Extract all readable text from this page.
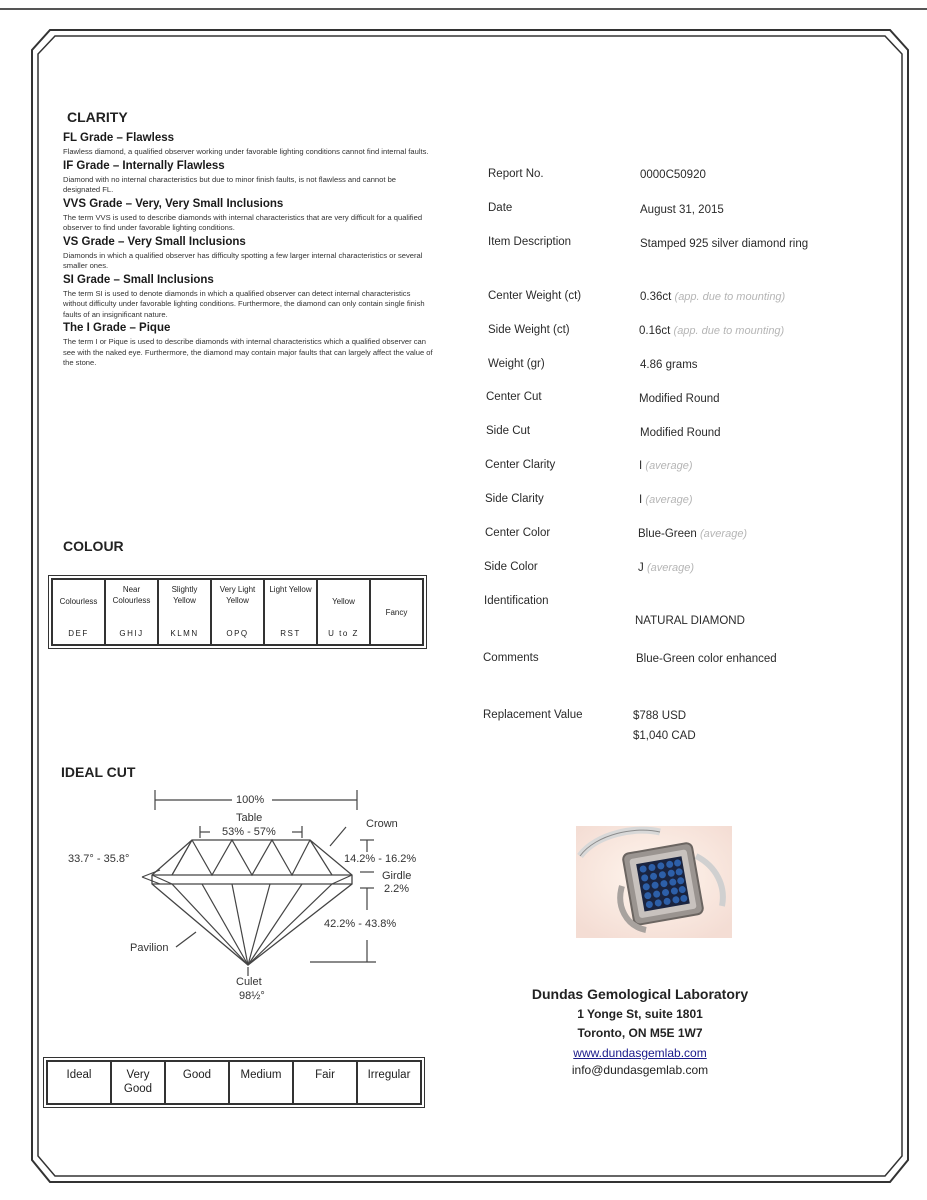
CLARITY
FL Grade – Flawless
Flawless diamond, a qualified observer working under favorable lighting conditions cannot find internal faults.
IF Grade – Internally Flawless
Diamond with no internal characteristics but due to minor finish faults, is not flawless and cannot be designated FL.
VVS Grade – Very, Very Small Inclusions
The term VVS is used to describe diamonds with internal characteristics that are very difficult for a qualified observer to find under favorable lighting conditions.
VS Grade – Very Small Inclusions
Diamonds in which a qualified observer has difficulty spotting a few larger internal characteristics or several smaller ones.
SI Grade – Small Inclusions
The term SI is used to denote diamonds in which a qualified observer can detect internal characteristics without difficulty under favorable lighting conditions. Furthermore, the diamond can only contain single finish faults of an insignificant nature.
The I Grade – Pique
The term I or Pique is used to describe diamonds with internal characteristics which a qualified observer can see with the naked eye. Furthermore, the diamond may contain major faults that can largely affect the value of the stone.
COLOUR
Colourless
DEF

Near Colourless
GHIJ

Slightly Yellow
KLMN

Very Light Yellow
OPQ

Light Yellow
RST

Yellow
U to Z

Fancy
IDEAL CUT
100%
Table
53% - 57%
Crown
33.7° - 35.8°	14.2% - 16.2%
Girdle
2.2%
42.2% - 43.8%
Pavilion
Culet
98½°
Ideal	Very Good	Good	Medium	Fair	Irregular
Report No.	0000C50920
Date	August 31, 2015
Item Description	Stamped 925 silver diamond ring
Center Weight (ct)	0.36ct (app. due to mounting)
Side Weight (ct)	0.16ct (app. due to mounting)
Weight (gr)	4.86 grams
Center Cut	Modified Round
Side Cut	Modified Round
Center Clarity	I (average)
Side Clarity	I (average)
Center Color	Blue-Green (average)
Side Color	J (average)
Identification
NATURAL DIAMOND
Comments	Blue-Green color enhanced
Replacement Value	$788 USD
$1,040 CAD
Dundas Gemological Laboratory
1 Yonge St, suite 1801
Toronto, ON M5E 1W7
www.dundasgemlab.com
info@dundasgemlab.com
